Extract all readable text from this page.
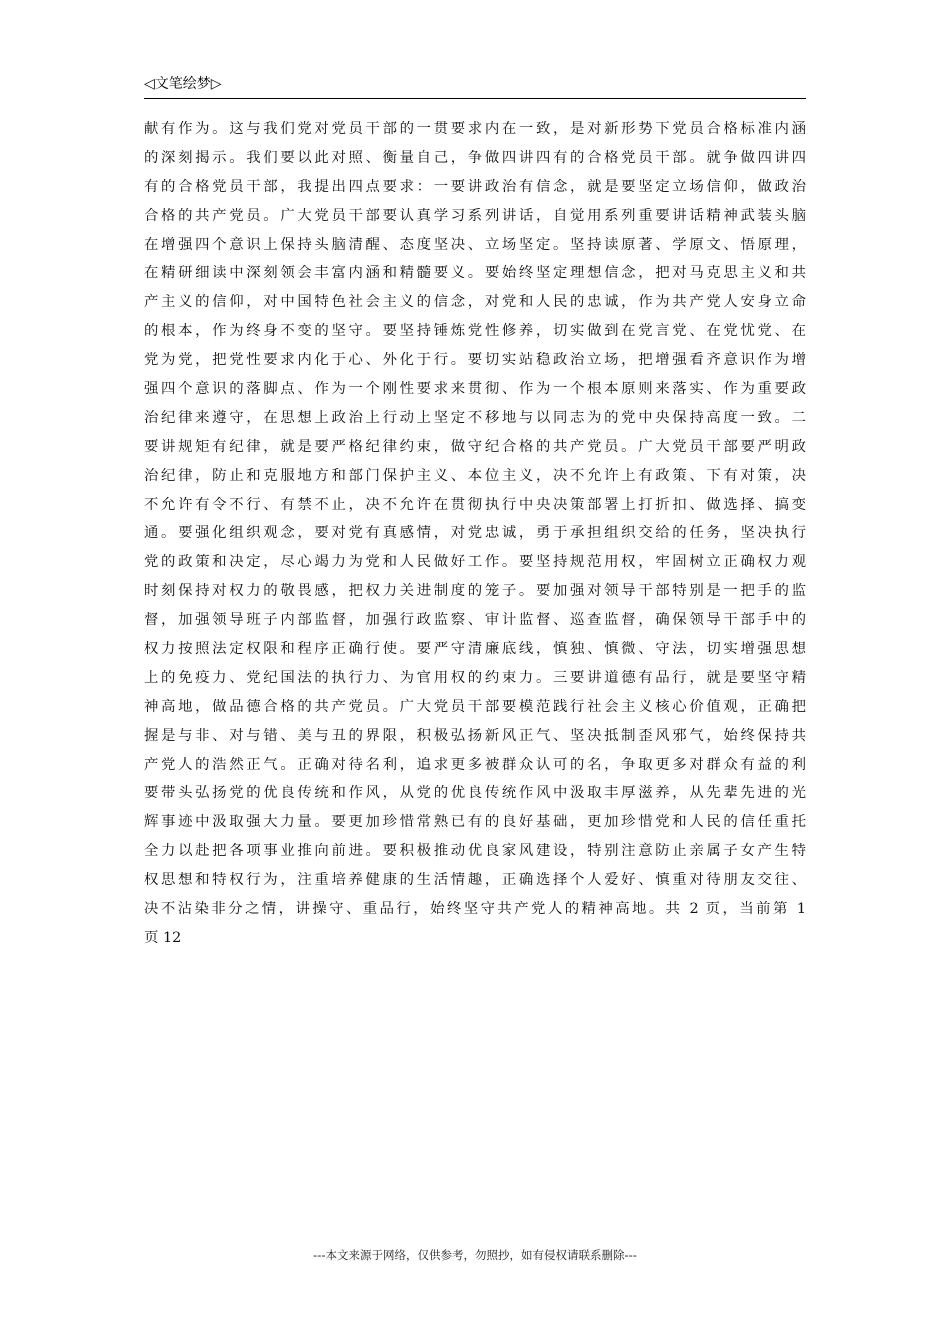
◁文笔绘梦▷
献有作为。这与我们党对党员干部的一贯要求内在一致，是对新形势下党员合格标准内涵
的深刻揭示。我们要以此对照、衡量自己，争做四讲四有的合格党员干部。就争做四讲四
有的合格党员干部，我提出四点要求：一要讲政治有信念，就是要坚定立场信仰，做政治
合格的共产党员。广大党员干部要认真学习系列讲话，自觉用系列重要讲话精神武装头脑
在增强四个意识上保持头脑清醒、态度坚决、立场坚定。坚持读原著、学原文、悟原理，
在精研细读中深刻领会丰富内涵和精髓要义。要始终坚定理想信念，把对马克思主义和共
产主义的信仰，对中国特色社会主义的信念，对党和人民的忠诚，作为共产党人安身立命
的根本，作为终身不变的坚守。要坚持锤炼党性修养，切实做到在党言党、在党忧党、在
党为党，把党性要求内化于心、外化于行。要切实站稳政治立场，把增强看齐意识作为增
强四个意识的落脚点、作为一个刚性要求来贯彻、作为一个根本原则来落实、作为重要政
治纪律来遵守，在思想上政治上行动上坚定不移地与以同志为的党中央保持高度一致。二
要讲规矩有纪律，就是要严格纪律约束，做守纪合格的共产党员。广大党员干部要严明政
治纪律，防止和克服地方和部门保护主义、本位主义，决不允许上有政策、下有对策，决
不允许有令不行、有禁不止，决不允许在贯彻执行中央决策部署上打折扣、做选择、搞变
通。要强化组织观念，要对党有真感情，对党忠诚，勇于承担组织交给的任务，坚决执行
党的政策和决定，尽心竭力为党和人民做好工作。要坚持规范用权，牢固树立正确权力观
时刻保持对权力的敬畏感，把权力关进制度的笼子。要加强对领导干部特别是一把手的监
督，加强领导班子内部监督，加强行政监察、审计监督、巡查监督，确保领导干部手中的
权力按照法定权限和程序正确行使。要严守清廉底线，慎独、慎微、守法，切实增强思想
上的免疫力、党纪国法的执行力、为官用权的约束力。三要讲道德有品行，就是要坚守精
神高地，做品德合格的共产党员。广大党员干部要模范践行社会主义核心价值观，正确把
握是与非、对与错、美与丑的界限，积极弘扬新风正气、坚决抵制歪风邪气，始终保持共
产党人的浩然正气。正确对待名利，追求更多被群众认可的名，争取更多对群众有益的利
要带头弘扬党的优良传统和作风，从党的优良传统作风中汲取丰厚滋养，从先辈先进的光
辉事迹中汲取强大力量。要更加珍惜常熟已有的良好基础，更加珍惜党和人民的信任重托
全力以赴把各项事业推向前进。要积极推动优良家风建设，特别注意防止亲属子女产生特
权思想和特权行为，注重培养健康的生活情趣，正确选择个人爱好、慎重对待朋友交往、
决不沾染非分之情，讲操守、重品行，始终坚守共产党人的精神高地。共 2 页，当前第 1
页 12
---本文来源于网络，仅供参考，勿照抄，如有侵权请联系删除---
